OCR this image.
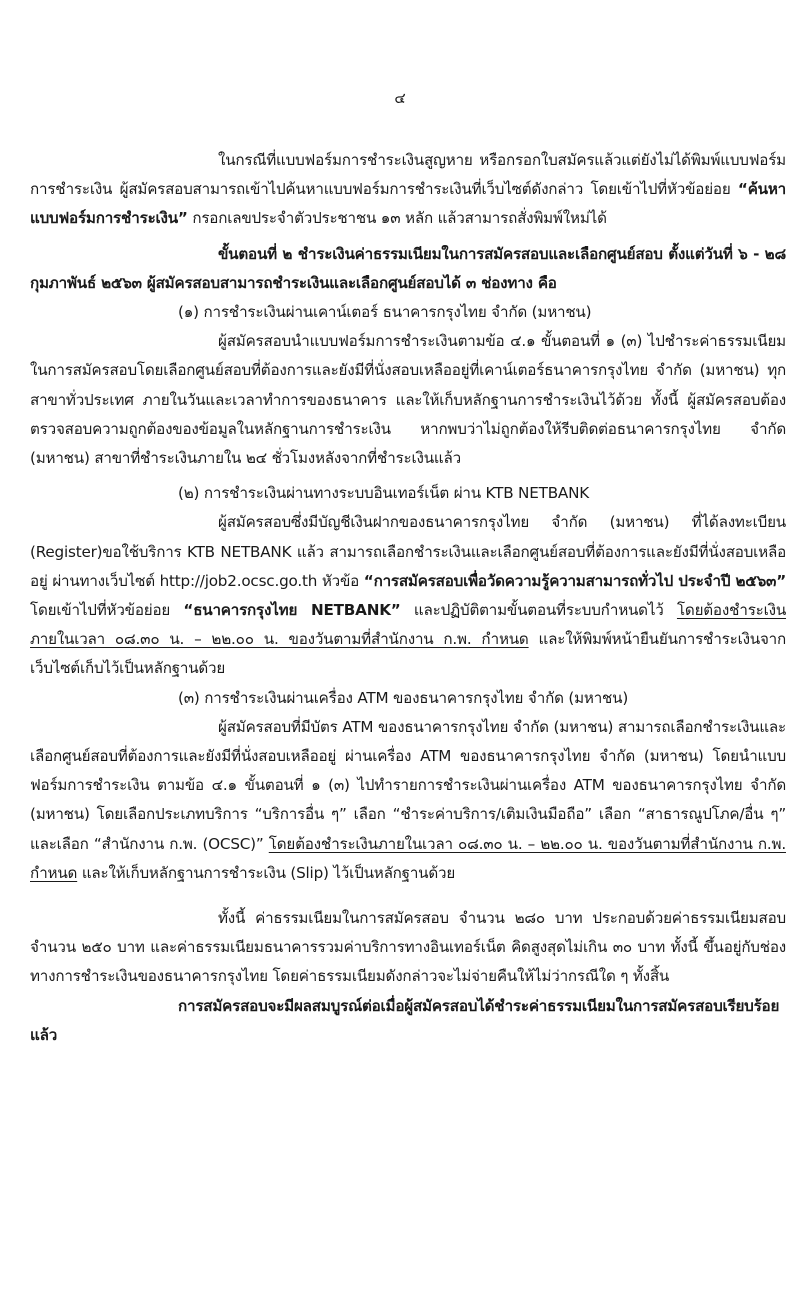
๔

ในกรณีที่แบบฟอร์มการชำระเงินสูญหาย หรือกรอกใบสมัครแล้วแต่ยังไม่ได้พิมพ์แบบฟอร์มการชำระเงิน ผู้สมัครสอบสามารถเข้าไปค้นหาแบบฟอร์มการชำระเงินที่เว็บไซต์ดังกล่าว โดยเข้าไปที่หัวข้อย่อย “ค้นหาแบบฟอร์มการชำระเงิน” กรอกเลขประจำตัวประชาชน ๑๓ หลัก แล้วสามารถสั่งพิมพ์ใหม่ได้

ขั้นตอนที่ ๒ ชำระเงินค่าธรรมเนียมในการสมัครสอบและเลือกศูนย์สอบ ตั้งแต่วันที่ ๖ - ๒๘ กุมภาพันธ์ ๒๕๖๓ ผู้สมัครสอบสามารถชำระเงินและเลือกศูนย์สอบได้ ๓ ช่องทาง คือ

(๑) การชำระเงินผ่านเคาน์เตอร์ ธนาคารกรุงไทย จำกัด (มหาชน)

ผู้สมัครสอบนำแบบฟอร์มการชำระเงินตามข้อ ๔.๑ ขั้นตอนที่ ๑ (๓) ไปชำระค่าธรรมเนียมในการสมัครสอบโดยเลือกศูนย์สอบที่ต้องการและยังมีที่นั่งสอบเหลืออยู่ที่เคาน์เตอร์ธนาคารกรุงไทย จำกัด (มหาชน) ทุกสาขาทั่วประเทศ ภายในวันและเวลาทำการของธนาคาร และให้เก็บหลักฐานการชำระเงินไว้ด้วย ทั้งนี้ ผู้สมัครสอบต้องตรวจสอบความถูกต้องของข้อมูลในหลักฐานการชำระเงิน หากพบว่าไม่ถูกต้องให้รีบติดต่อธนาคารกรุงไทย จำกัด (มหาชน) สาขาที่ชำระเงินภายใน ๒๔ ชั่วโมงหลังจากที่ชำระเงินแล้ว

(๒) การชำระเงินผ่านทางระบบอินเทอร์เน็ต ผ่าน KTB NETBANK

ผู้สมัครสอบซึ่งมีบัญชีเงินฝากของธนาคารกรุงไทย จำกัด (มหาชน) ที่ได้ลงทะเบียน (Register)ขอใช้บริการ KTB NETBANK แล้ว สามารถเลือกชำระเงินและเลือกศูนย์สอบที่ต้องการและยังมีที่นั่งสอบเหลืออยู่ ผ่านทางเว็บไซต์ http://job2.ocsc.go.th หัวข้อ “การสมัครสอบเพื่อวัดความรู้ความสามารถทั่วไป ประจำปี ๒๕๖๓” โดยเข้าไปที่หัวข้อย่อย “ธนาคารกรุงไทย NETBANK” และปฏิบัติตามขั้นตอนที่ระบบกำหนดไว้ โดยต้องชำระเงินภายในเวลา ๐๘.๓๐ น. – ๒๒.๐๐ น. ของวันตามที่สำนักงาน ก.พ. กำหนด และให้พิมพ์หน้ายืนยันการชำระเงินจากเว็บไซต์เก็บไว้เป็นหลักฐานด้วย

(๓) การชำระเงินผ่านเครื่อง ATM ของธนาคารกรุงไทย จำกัด (มหาชน)

ผู้สมัครสอบที่มีบัตร ATM ของธนาคารกรุงไทย จำกัด (มหาชน) สามารถเลือกชำระเงินและเลือกศูนย์สอบที่ต้องการและยังมีที่นั่งสอบเหลืออยู่ ผ่านเครื่อง ATM ของธนาคารกรุงไทย จำกัด (มหาชน) โดยนำแบบฟอร์มการชำระเงิน ตามข้อ ๔.๑ ขั้นตอนที่ ๑ (๓) ไปทำรายการชำระเงินผ่านเครื่อง ATM ของธนาคารกรุงไทย จำกัด (มหาชน) โดยเลือกประเภทบริการ “บริการอื่น ๆ” เลือก “ชำระค่าบริการ/เติมเงินมือถือ” เลือก “สาธารณูปโภค/อื่น ๆ” และเลือก “สำนักงาน ก.พ. (OCSC)” โดยต้องชำระเงินภายในเวลา ๐๘.๓๐ น. – ๒๒.๐๐ น. ของวันตามที่สำนักงาน ก.พ. กำหนด และให้เก็บหลักฐานการชำระเงิน (Slip) ไว้เป็นหลักฐานด้วย

ทั้งนี้ ค่าธรรมเนียมในการสมัครสอบ จำนวน ๒๘๐ บาท ประกอบด้วยค่าธรรมเนียมสอบจำนวน ๒๕๐ บาท และค่าธรรมเนียมธนาคารรวมค่าบริการทางอินเทอร์เน็ต คิดสูงสุดไม่เกิน ๓๐ บาท ทั้งนี้ ขึ้นอยู่กับช่องทางการชำระเงินของธนาคารกรุงไทย โดยค่าธรรมเนียมดังกล่าวจะไม่จ่ายคืนให้ไม่ว่ากรณีใด ๆ ทั้งสิ้น

การสมัครสอบจะมีผลสมบูรณ์ต่อเมื่อผู้สมัครสอบได้ชำระค่าธรรมเนียมในการสมัครสอบเรียบร้อยแล้ว
